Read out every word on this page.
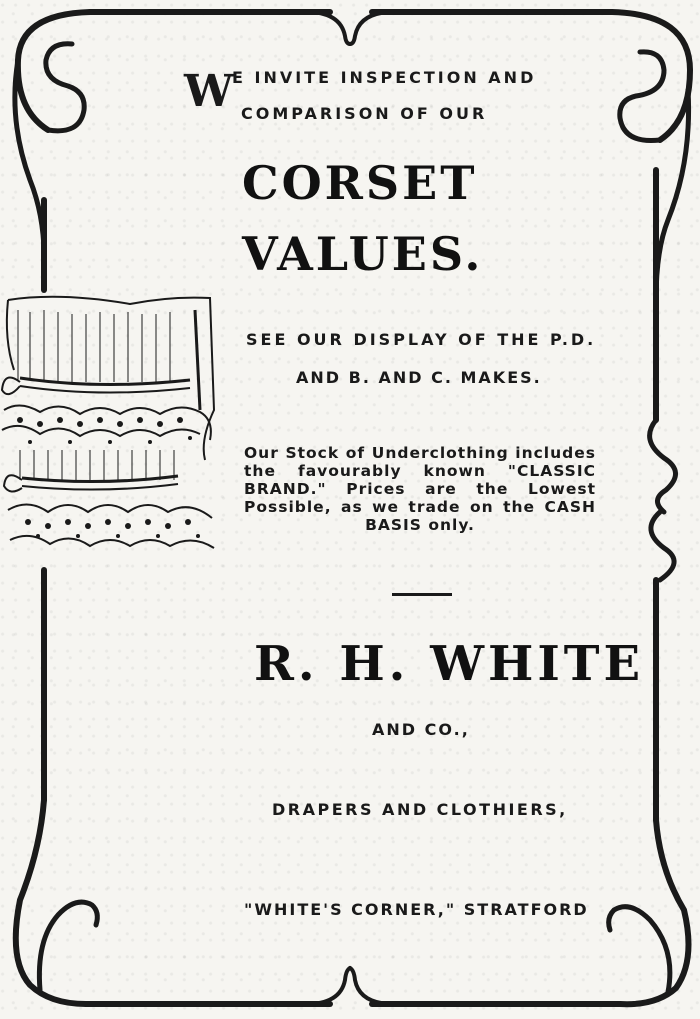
W

E INVITE INSPECTION AND

COMPARISON OF OUR

CORSET

VALUES.

SEE OUR DISPLAY OF THE P.D.

AND B. AND C. MAKES.

Our Stock of Underclothing includes the favourably known "CLASSIC BRAND." Prices are the Lowest Possible, as we trade on the CASH BASIS only.

R. H. WHITE

AND CO.,

DRAPERS AND CLOTHIERS,

"WHITE'S CORNER," STRATFORD
